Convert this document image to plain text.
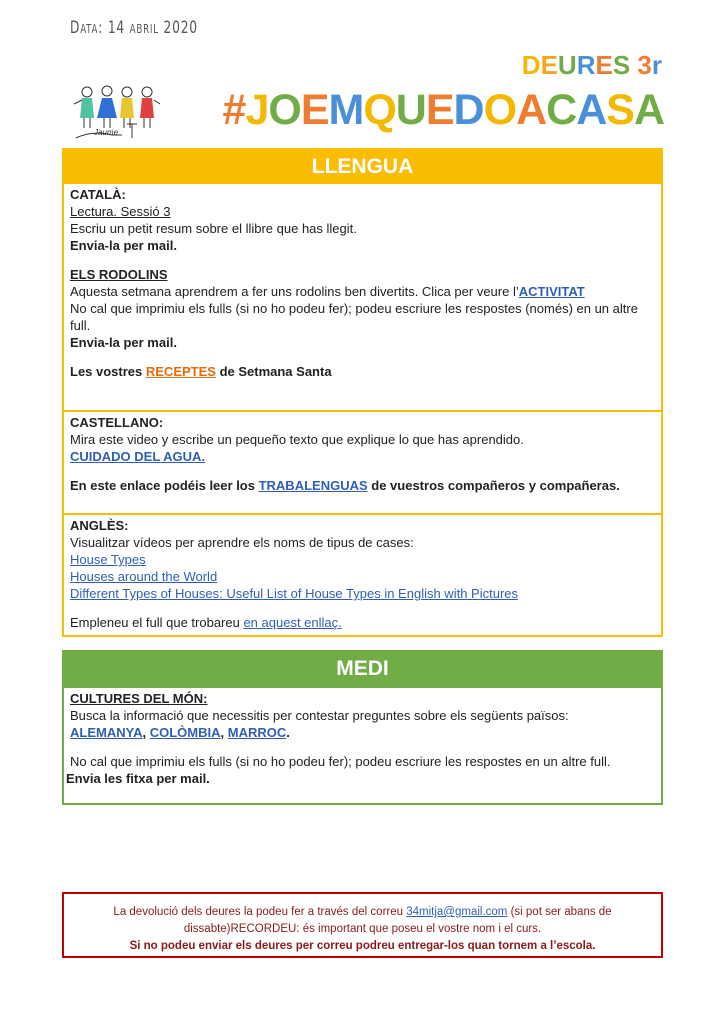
Data: 14 abril 2020
DEURES 3r
#JOEMQUEDOACASA
Jaume
LLENGUA

CATALÀ:

Lectura. Sessió 3

Escriu un petit resum sobre el llibre que has llegit.

Envia-la per mail.

ELS RODOLINS

Aquesta setmana aprendrem a fer uns rodolins ben divertits. Clica per veure l’ACTIVITAT

No cal que imprimiu els fulls (si no ho podeu fer); podeu escriure les respostes (només) en un altre full.

Envia-la per mail.

Les vostres RECEPTES de Setmana Santa

CASTELLANO:

Mira este video y escribe un pequeño texto que explique lo que has aprendido.

CUIDADO DEL AGUA.

En este enlace podéis leer los TRABALENGUAS de vuestros compañeros y compañeras.

ANGLÈS:

Visualitzar vídeos per aprendre els noms de tipus de cases:

House Types

Houses around the World

Different Types of Houses: Useful List of House Types in English with Pictures

Empleneu el full que trobareu en aquest enllaç.

MEDI

CULTURES DEL MÓN:

Busca la informació que necessitis per contestar preguntes sobre els següents països:

ALEMANYA, COLÒMBIA, MARROC.

No cal que imprimiu els fulls (si no ho podeu fer); podeu escriure les respostes en un altre full.

Envia les fitxa per mail.

La devolució dels deures la podeu fer a través del correu 34mitja@gmail.com (si pot ser abans de dissabte)RECORDEU: és important que poseu el vostre nom i el curs.

Si no podeu enviar els deures per correu podreu entregar-los quan tornem a l’escola.
